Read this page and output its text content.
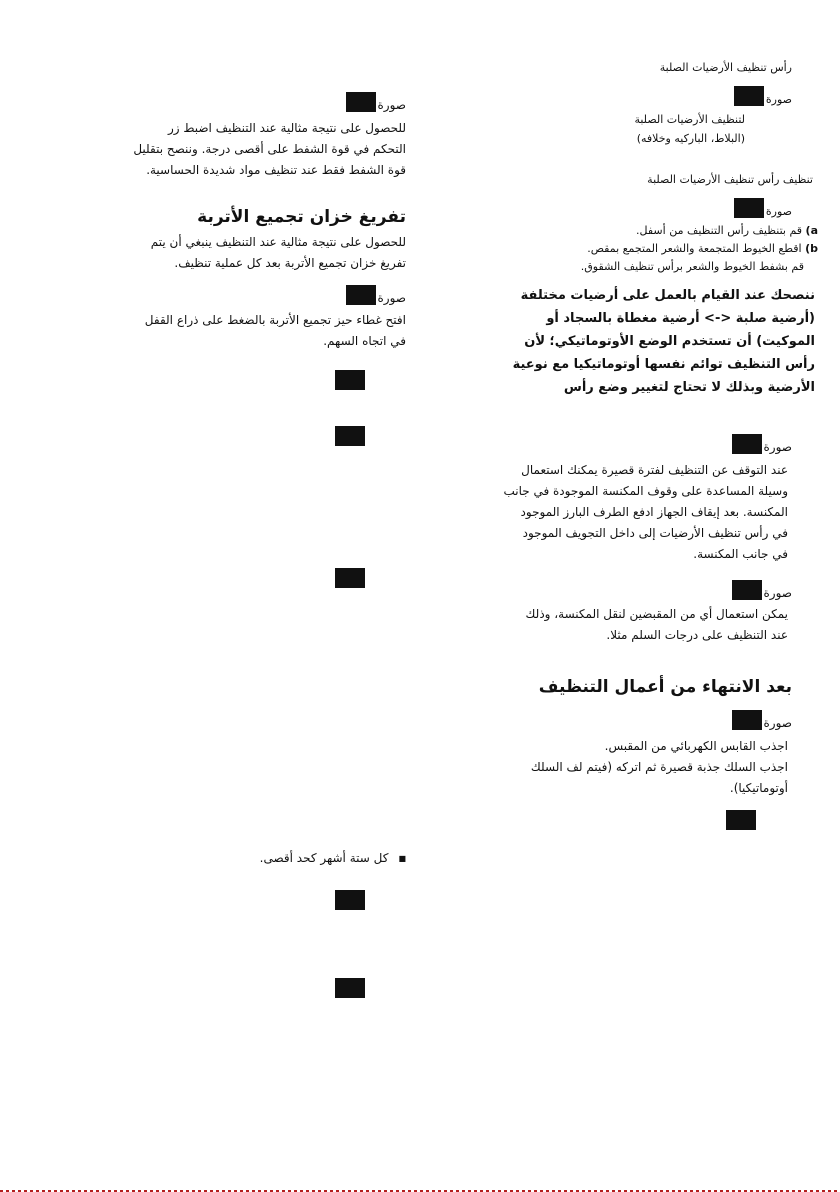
رأس تنظيف الأرضيات الصلبة
صورة
لتنظيف الأرضيات الصلبة
(البلاط، الباركيه وخلافه)
تنظيف رأس تنظيف الأرضيات الصلبة
صورة
a) قم بتنظيف رأس التنظيف من أسفل.
b) اقطع الخيوط المتجمعة والشعر المتجمع بمقص.
قم بشفط الخيوط والشعر برأس تنظيف الشقوق.
ننصحك عند القيام بالعمل على أرضيات مختلفة
(أرضية صلبة <-> أرضية مغطاة بالسجاد أو
الموكيت) أن تستخدم الوضع الأوتوماتيكي؛ لأن
رأس التنظيف توائم نفسها أوتوماتيكيا مع نوعية
الأرضية وبذلك لا تحتاج لتغيير وضع رأس
صورة
عند التوقف عن التنظيف لفترة قصيرة يمكنك استعمال
وسيلة المساعدة على وقوف المكنسة الموجودة في جانب
المكنسة. بعد إيقاف الجهاز ادفع الطرف البارز الموجود
في رأس تنظيف الأرضيات إلى داخل التجويف الموجود
في جانب المكنسة.
صورة
يمكن استعمال أي من المقبضين لنقل المكنسة، وذلك
عند التنظيف على درجات السلم مثلا.
بعد الانتهاء من أعمال التنظيف
صورة
اجذب القابس الكهربائي من المقبس.
اجذب السلك جذبة قصيرة ثم اتركه (فيتم لف السلك
أوتوماتيكيا).
صورة
للحصول على نتيجة مثالية عند التنظيف اضبط زر
التحكم في قوة الشفط على أقصى درجة. وننصح بتقليل
قوة الشفط فقط عند تنظيف مواد شديدة الحساسية.
تفريغ خزان تجميع الأتربة
للحصول على نتيجة مثالية عند التنظيف ينبغي أن يتم
تفريغ خزان تجميع الأتربة بعد كل عملية تنظيف.
صورة
افتح غطاء حيز تجميع الأتربة بالضغط على ذراع القفل
في اتجاه السهم.
■كل ستة أشهر كحد أقصى.
